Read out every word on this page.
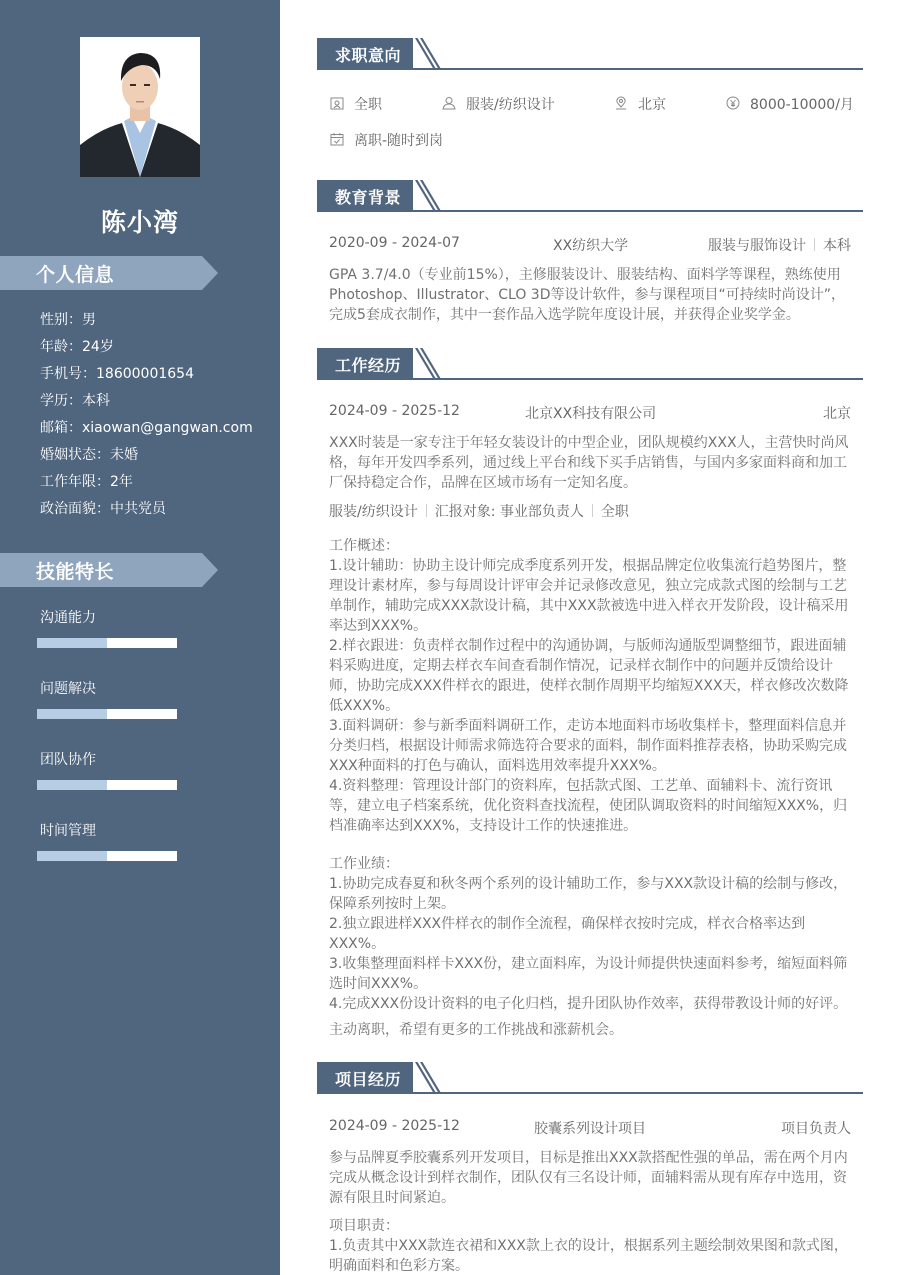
陈小湾
个人信息
性别：男
年龄：24岁
手机号：18600001654
学历：本科
邮箱：xiaowan@gangwan.com
婚姻状态：未婚
工作年限：2年
政治面貌：中共党员
技能特长
沟通能力
问题解决
团队协作
时间管理
求职意向
全职	服装/纺织设计	北京	8000-10000/月
离职-随时到岗
教育背景
2020-09 - 2024-07	XX纺织大学	服装与服饰设计 本科
GPA 3.7/4.0（专业前15%），主修服装设计、服装结构、面料学等课程，熟练使用Photoshop、Illustrator、CLO 3D等设计软件，参与课程项目“可持续时尚设计”，完成5套成衣制作，其中一套作品入选学院年度设计展，并获得企业奖学金。
工作经历
2024-09 - 2025-12	北京XX科技有限公司	北京
XXX时装是一家专注于年轻女装设计的中型企业，团队规模约XXX人，主营快时尚风格，每年开发四季系列，通过线上平台和线下买手店销售，与国内多家面料商和加工厂保持稳定合作，品牌在区域市场有一定知名度。
服装/纺织设计 汇报对象: 事业部负责人 全职
工作概述：
1.设计辅助：协助主设计师完成季度系列开发，根据品牌定位收集流行趋势图片，整理设计素材库，参与每周设计评审会并记录修改意见，独立完成款式图的绘制与工艺单制作，辅助完成XXX款设计稿，其中XXX款被选中进入样衣开发阶段，设计稿采用率达到XXX%。
2.样衣跟进：负责样衣制作过程中的沟通协调，与版师沟通版型调整细节，跟进面辅料采购进度，定期去样衣车间查看制作情况，记录样衣制作中的问题并反馈给设计师，协助完成XXX件样衣的跟进，使样衣制作周期平均缩短XXX天，样衣修改次数降低XXX%。
3.面料调研：参与新季面料调研工作，走访本地面料市场收集样卡，整理面料信息并分类归档，根据设计师需求筛选符合要求的面料，制作面料推荐表格，协助采购完成XXX种面料的打色与确认，面料选用效率提升XXX%。
4.资料整理：管理设计部门的资料库，包括款式图、工艺单、面辅料卡、流行资讯等，建立电子档案系统，优化资料查找流程，使团队调取资料的时间缩短XXX%，归档准确率达到XXX%，支持设计工作的快速推进。
工作业绩：
1.协助完成春夏和秋冬两个系列的设计辅助工作，参与XXX款设计稿的绘制与修改，保障系列按时上架。
2.独立跟进样XXX件样衣的制作全流程，确保样衣按时完成，样衣合格率达到XXX%。
3.收集整理面料样卡XXX份，建立面料库，为设计师提供快速面料参考，缩短面料筛选时间XXX%。
4.完成XXX份设计资料的电子化归档，提升团队协作效率，获得带教设计师的好评。
主动离职，希望有更多的工作挑战和涨薪机会。
项目经历
2024-09 - 2025-12	胶囊系列设计项目	项目负责人
参与品牌夏季胶囊系列开发项目，目标是推出XXX款搭配性强的单品，需在两个月内完成从概念设计到样衣制作，团队仅有三名设计师，面辅料需从现有库存中选用，资源有限且时间紧迫。
项目职责：
1.负责其中XXX款连衣裙和XXX款上衣的设计，根据系列主题绘制效果图和款式图，明确面料和色彩方案。
